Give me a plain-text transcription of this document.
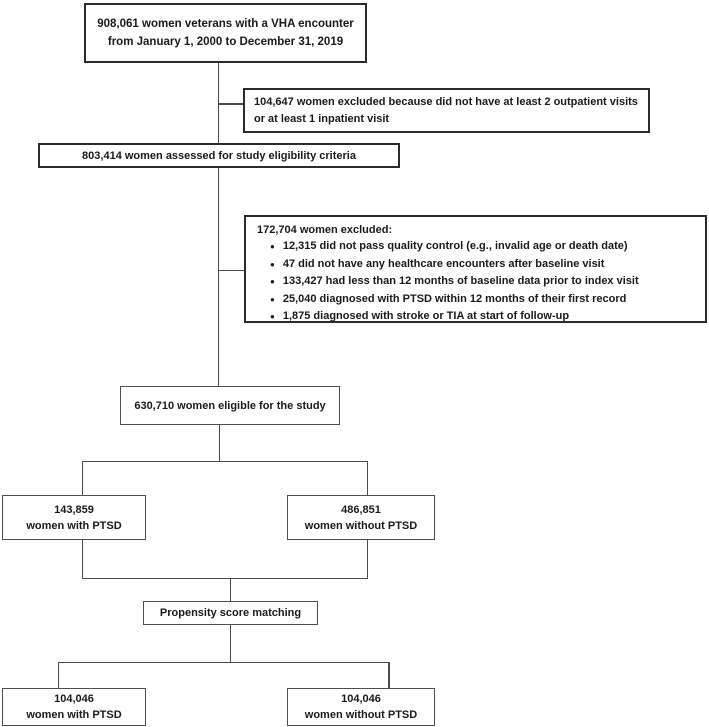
908,061 women veterans with a VHA encounter from January 1, 2000 to December 31, 2019
104,647 women excluded because did not have at least 2 outpatient visits or at least 1 inpatient visit
803,414 women assessed for study eligibility criteria
172,704 women excluded:
●
12,315 did not pass quality control (e.g., invalid age or death date)
●
47 did not have any healthcare encounters after baseline visit
●
133,427 had less than 12 months of baseline data prior to index visit
●
25,040 diagnosed with PTSD within 12 months of their first record
●
1,875 diagnosed with stroke or TIA at start of follow-up
630,710 women eligible for the study
143,859
women with PTSD
486,851
women without PTSD
Propensity score matching
104,046
women with PTSD
104,046
women without PTSD
